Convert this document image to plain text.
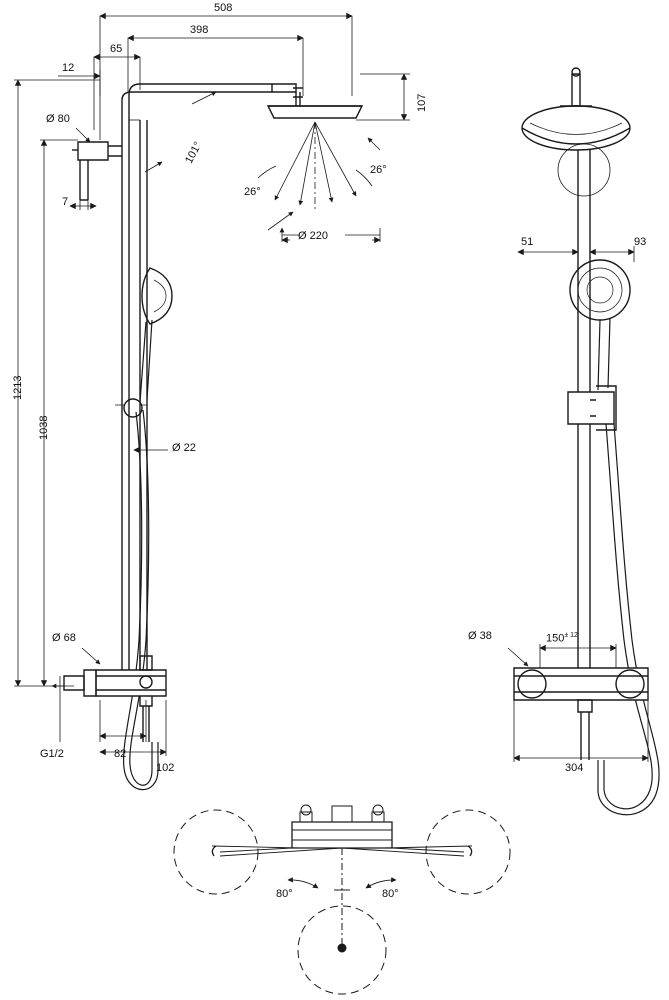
508
398
65
12
107
Ø 80
7
101°
26°
26°
Ø 220
1213
1038
Ø 22
Ø 68
G1/2	82
102
51	93
Ø 38	$150^{\pm 12}$
304
80°	80°
